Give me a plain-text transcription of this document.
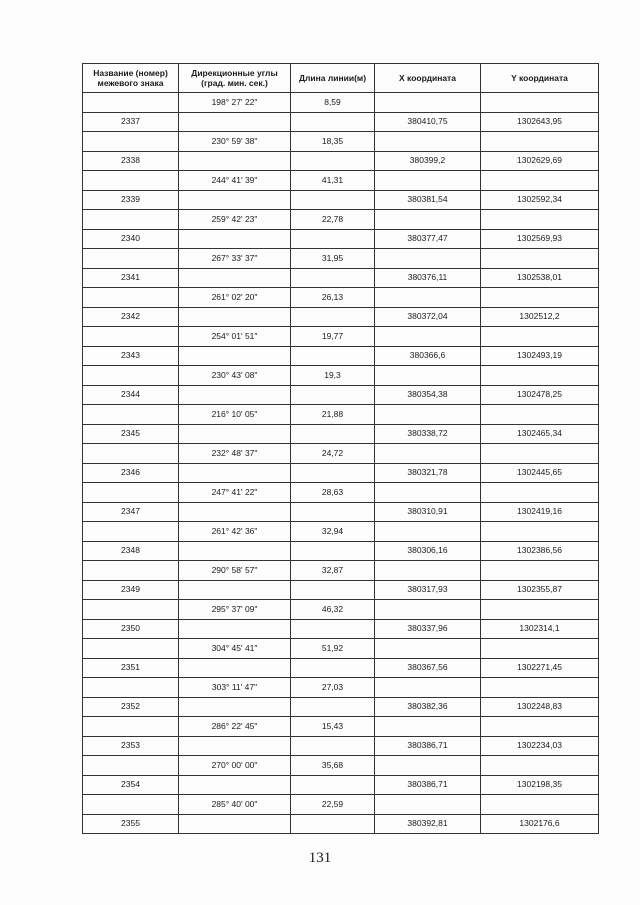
Название (номер) межевого знака	Дирекционные углы (град. мин. сек.)	Длина линии(м)	X координата	Y координата
	198° 27' 22"	8,59		
2337			380410,75	1302643,95
	230° 59' 38"	18,35		
2338			380399,2	1302629,69
	244° 41' 39"	41,31		
2339			380381,54	1302592,34
	259° 42' 23"	22,78		
2340			380377,47	1302569,93
	267° 33' 37"	31,95		
2341			380376,11	1302538,01
	261° 02' 20"	26,13		
2342			380372,04	1302512,2
	254° 01' 51"	19,77		
2343			380366,6	1302493,19
	230° 43' 08"	19,3		
2344			380354,38	1302478,25
	216° 10' 05"	21,88		
2345			380338,72	1302465,34
	232° 48' 37"	24,72		
2346			380321,78	1302445,65
	247° 41' 22"	28,63		
2347			380310,91	1302419,16
	261° 42' 36"	32,94		
2348			380306,16	1302386,56
	290° 58' 57"	32,87		
2349			380317,93	1302355,87
	295° 37' 09"	46,32		
2350			380337,96	1302314,1
	304° 45' 41"	51,92		
2351			380367,56	1302271,45
	303° 11' 47"	27,03		
2352			380382,36	1302248,83
	286° 22' 45"	15,43		
2353			380386,71	1302234,03
	270° 00' 00"	35,68		
2354			380386,71	1302198,35
	285° 40' 00"	22,59		
2355			380392,81	1302176,6
131
